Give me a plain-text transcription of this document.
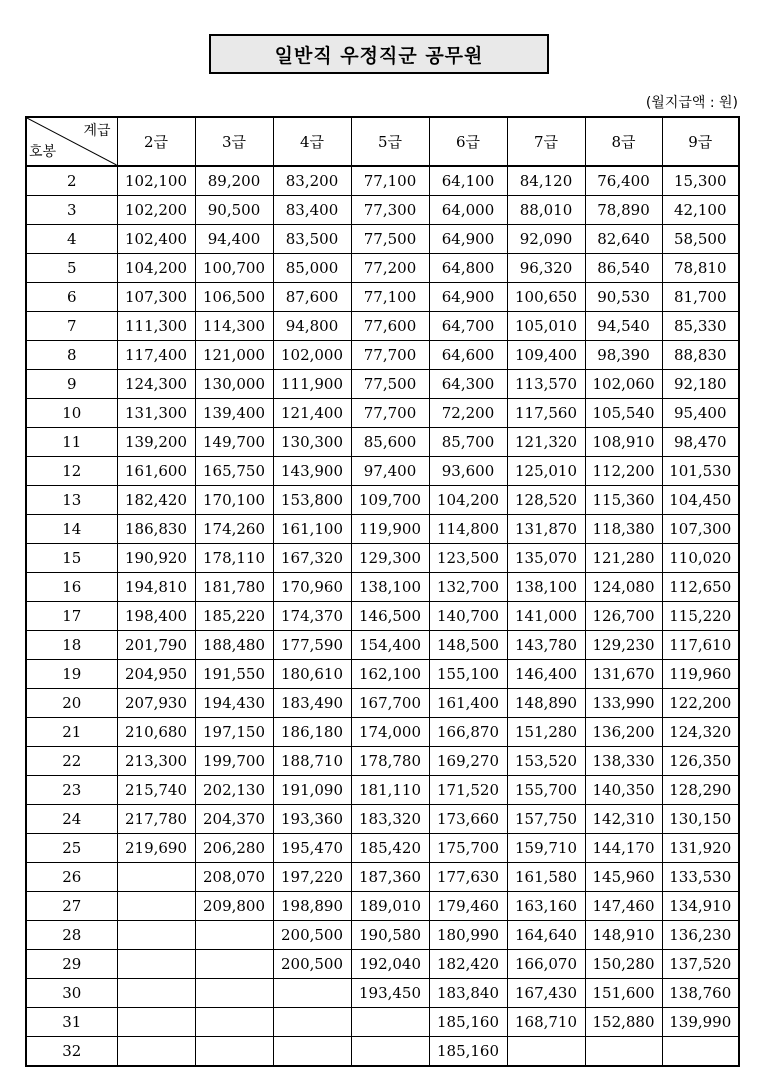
일반직 우정직군 공무원
(월지급액 : 원)
계급
호봉	2급	3급	4급	5급	6급	7급	8급	9급
2	102,100	89,200	83,200	77,100	64,100	84,120	76,400	15,300
3	102,200	90,500	83,400	77,300	64,000	88,010	78,890	42,100
4	102,400	94,400	83,500	77,500	64,900	92,090	82,640	58,500
5	104,200	100,700	85,000	77,200	64,800	96,320	86,540	78,810
6	107,300	106,500	87,600	77,100	64,900	100,650	90,530	81,700
7	111,300	114,300	94,800	77,600	64,700	105,010	94,540	85,330
8	117,400	121,000	102,000	77,700	64,600	109,400	98,390	88,830
9	124,300	130,000	111,900	77,500	64,300	113,570	102,060	92,180
10	131,300	139,400	121,400	77,700	72,200	117,560	105,540	95,400
11	139,200	149,700	130,300	85,600	85,700	121,320	108,910	98,470
12	161,600	165,750	143,900	97,400	93,600	125,010	112,200	101,530
13	182,420	170,100	153,800	109,700	104,200	128,520	115,360	104,450
14	186,830	174,260	161,100	119,900	114,800	131,870	118,380	107,300
15	190,920	178,110	167,320	129,300	123,500	135,070	121,280	110,020
16	194,810	181,780	170,960	138,100	132,700	138,100	124,080	112,650
17	198,400	185,220	174,370	146,500	140,700	141,000	126,700	115,220
18	201,790	188,480	177,590	154,400	148,500	143,780	129,230	117,610
19	204,950	191,550	180,610	162,100	155,100	146,400	131,670	119,960
20	207,930	194,430	183,490	167,700	161,400	148,890	133,990	122,200
21	210,680	197,150	186,180	174,000	166,870	151,280	136,200	124,320
22	213,300	199,700	188,710	178,780	169,270	153,520	138,330	126,350
23	215,740	202,130	191,090	181,110	171,520	155,700	140,350	128,290
24	217,780	204,370	193,360	183,320	173,660	157,750	142,310	130,150
25	219,690	206,280	195,470	185,420	175,700	159,710	144,170	131,920
26		208,070	197,220	187,360	177,630	161,580	145,960	133,530
27		209,800	198,890	189,010	179,460	163,160	147,460	134,910
28			200,500	190,580	180,990	164,640	148,910	136,230
29			200,500	192,040	182,420	166,070	150,280	137,520
30				193,450	183,840	167,430	151,600	138,760
31					185,160	168,710	152,880	139,990
32					185,160			
